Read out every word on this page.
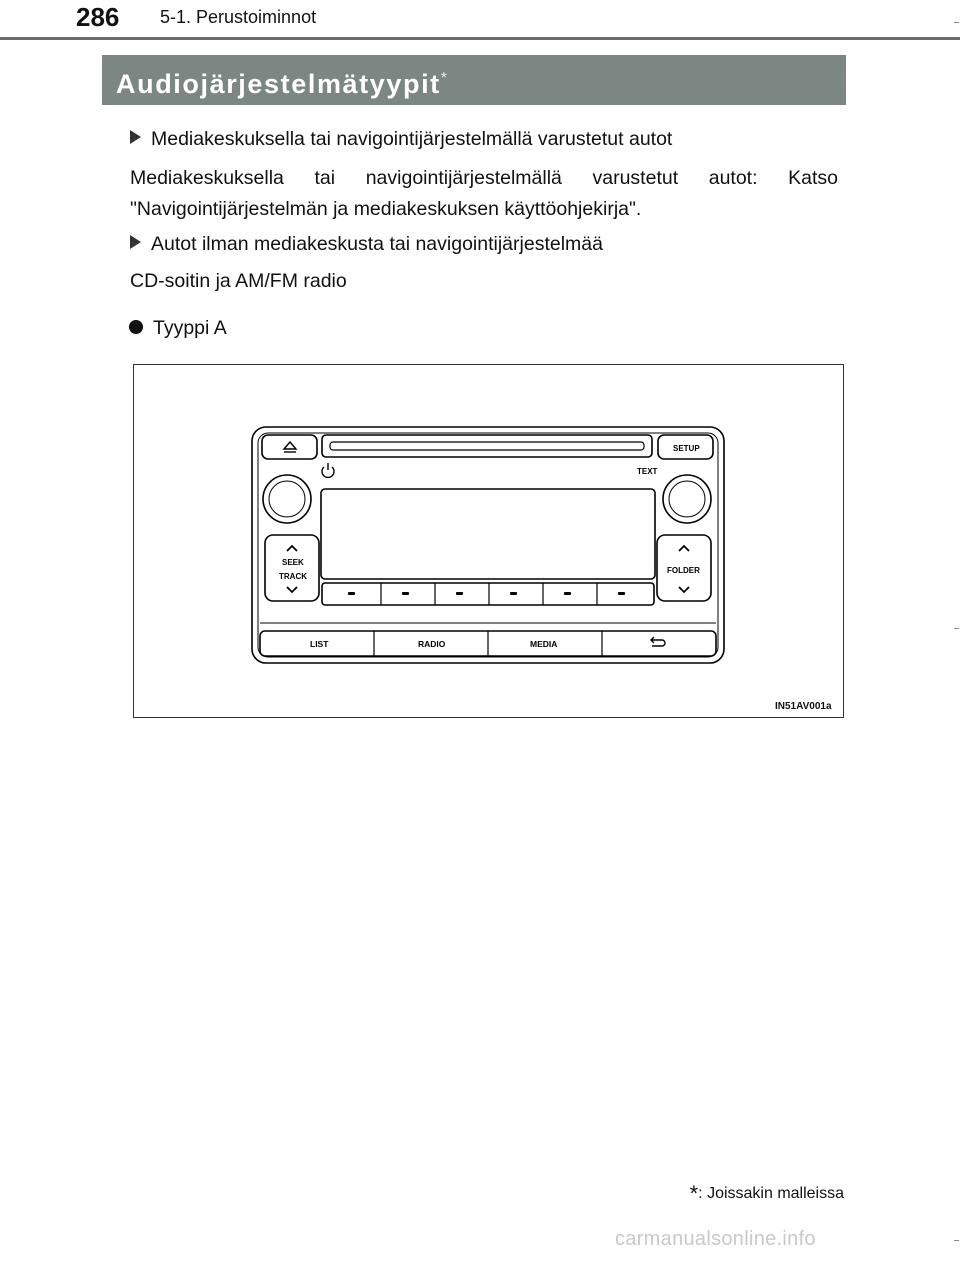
286 5-1. Perustoiminnot
Audiojärjestelmätyypit*
Mediakeskuksella tai navigointijärjestelmällä varustetut autot
Mediakeskuksella tai navigointijärjestelmällä varustetut autot: Katso
"Navigointijärjestelmän ja mediakeskuksen käyttöohjekirja".
Autot ilman mediakeskusta tai navigointijärjestelmää
CD-soitin ja AM/FM radio
Tyyppi A
SETUP
TEXT
SEEK
TRACK
FOLDER
LIST	RADIO	MEDIA
IN51AV001a
*: Joissakin malleissa
carmanualsonline.info
